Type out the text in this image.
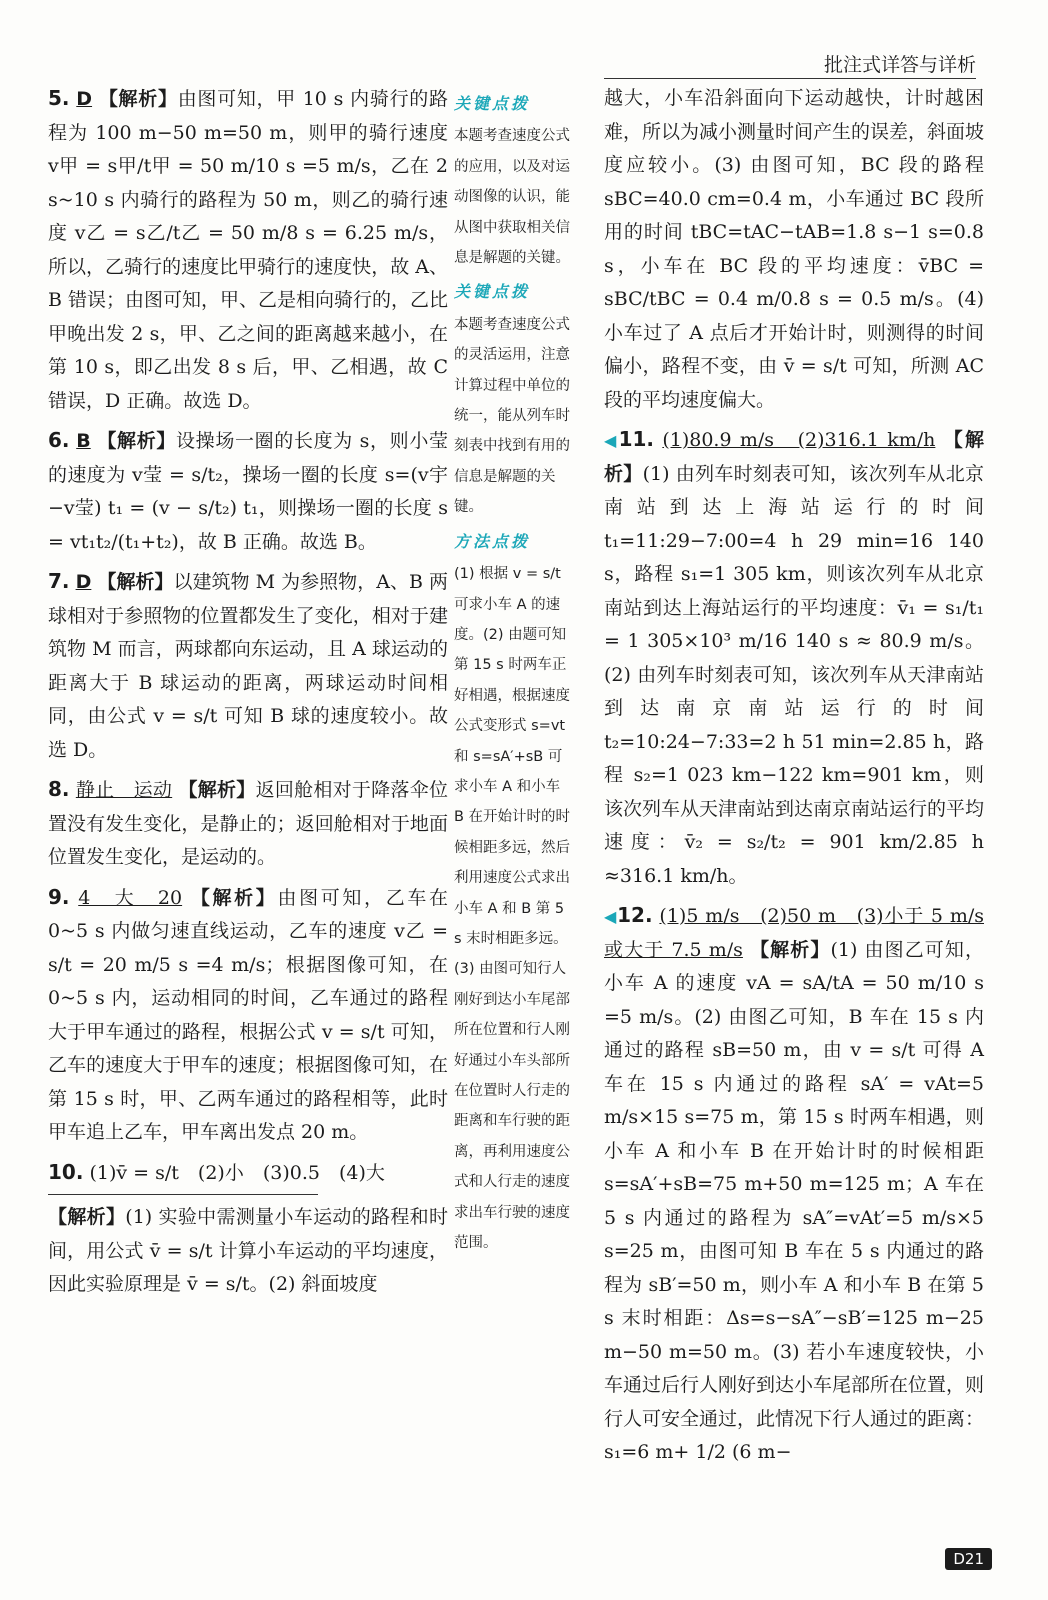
批注式详答与详析

5. D 【解析】由图可知，甲 10 s 内骑行的路程为 100 m−50 m=50 m，则甲的骑行速度 v甲 = s甲/t甲 = 50 m/10 s =5 m/s，乙在 2 s~10 s 内骑行的路程为 50 m，则乙的骑行速度 v乙 = s乙/t乙 = 50 m/8 s = 6.25 m/s，所以，乙骑行的速度比甲骑行的速度快，故 A、B 错误；由图可知，甲、乙是相向骑行的，乙比甲晚出发 2 s，甲、乙之间的距离越来越小，在第 10 s，即乙出发 8 s 后，甲、乙相遇，故 C 错误，D 正确。故选 D。

6. B 【解析】设操场一圈的长度为 s，则小莹的速度为 v莹 = s/t₂，操场一圈的长度 s=(v宇−v莹) t₁ = (v − s/t₂) t₁，则操场一圈的长度 s = vt₁t₂/(t₁+t₂)，故 B 正确。故选 B。

7. D 【解析】以建筑物 M 为参照物，A、B 两球相对于参照物的位置都发生了变化，相对于建筑物 M 而言，两球都向东运动，且 A 球运动的距离大于 B 球运动的距离，两球运动时间相同，由公式 v = s/t 可知 B 球的速度较小。故选 D。

8. 静止　运动 【解析】返回舱相对于降落伞位置没有发生变化，是静止的；返回舱相对于地面位置发生变化，是运动的。

9. 4　大　20 【解析】由图可知，乙车在 0~5 s 内做匀速直线运动，乙车的速度 v乙 = s/t = 20 m/5 s =4 m/s；根据图像可知，在 0~5 s 内，运动相同的时间，乙车通过的路程大于甲车通过的路程，根据公式 v = s/t 可知，乙车的速度大于甲车的速度；根据图像可知，在第 15 s 时，甲、乙两车通过的路程相等，此时甲车追上乙车，甲车离出发点 20 m。

10. (1)v̄ = s/t　(2)小　(3)0.5　(4)大
【解析】(1) 实验中需测量小车运动的路程和时间，用公式 v̄ = s/t 计算小车运动的平均速度，因此实验原理是 v̄ = s/t。(2) 斜面坡度

关键点拨

本题考查速度公式的应用，以及对运动图像的认识，能从图中获取相关信息是解题的关键。

关键点拨

本题考查速度公式的灵活运用，注意计算过程中单位的统一，能从列车时刻表中找到有用的信息是解题的关键。

方法点拨

(1) 根据 v = s/t 可求小车 A 的速度。(2) 由题可知第 15 s 时两车正好相遇，根据速度公式变形式 s=vt 和 s=sA′+sB 可求小车 A 和小车 B 在开始计时的时候相距多远，然后利用速度公式求出小车 A 和 B 第 5 s 末时相距多远。(3) 由图可知行人刚好到达小车尾部所在位置和行人刚好通过小车头部所在位置时人行走的距离和车行驶的距离，再利用速度公式和人行走的速度求出车行驶的速度范围。

越大，小车沿斜面向下运动越快，计时越困难，所以为减小测量时间产生的误差，斜面坡度应较小。(3) 由图可知，BC 段的路程 sBC=40.0 cm=0.4 m，小车通过 BC 段所用的时间 tBC=tAC−tAB=1.8 s−1 s=0.8 s，小车在 BC 段的平均速度：v̄BC = sBC/tBC = 0.4 m/0.8 s = 0.5 m/s。(4) 小车过了 A 点后才开始计时，则测得的时间偏小，路程不变，由 v̄ = s/t 可知，所测 AC 段的平均速度偏大。

◀11. (1)80.9 m/s　(2)316.1 km/h 【解析】(1) 由列车时刻表可知，该次列车从北京南站到达上海站运行的时间 t₁=11:29−7:00=4 h 29 min=16 140 s，路程 s₁=1 305 km，则该次列车从北京南站到达上海站运行的平均速度：v̄₁ = s₁/t₁ = 1 305×10³ m/16 140 s ≈ 80.9 m/s。(2) 由列车时刻表可知，该次列车从天津南站到达南京南站运行的时间 t₂=10:24−7:33=2 h 51 min=2.85 h，路程 s₂=1 023 km−122 km=901 km，则该次列车从天津南站到达南京南站运行的平均速度：v̄₂ = s₂/t₂ = 901 km/2.85 h ≈316.1 km/h。

◀12. (1)5 m/s　(2)50 m　(3)小于 5 m/s 或大于 7.5 m/s 【解析】(1) 由图乙可知，小车 A 的速度 vA = sA/tA = 50 m/10 s =5 m/s。(2) 由图乙可知，B 车在 15 s 内通过的路程 sB=50 m，由 v = s/t 可得 A 车在 15 s 内通过的路程 sA′ = vAt=5 m/s×15 s=75 m，第 15 s 时两车相遇，则小车 A 和小车 B 在开始计时的时候相距 s=sA′+sB=75 m+50 m=125 m；A 车在 5 s 内通过的路程为 sA″=vAt′=5 m/s×5 s=25 m，由图可知 B 车在 5 s 内通过的路程为 sB′=50 m，则小车 A 和小车 B 在第 5 s 末时相距：Δs=s−sA″−sB′=125 m−25 m−50 m=50 m。(3) 若小车速度较快，小车通过后行人刚好到达小车尾部所在位置，则行人可安全通过，此情况下行人通过的距离：s₁=6 m+ 1/2 (6 m−

D21
